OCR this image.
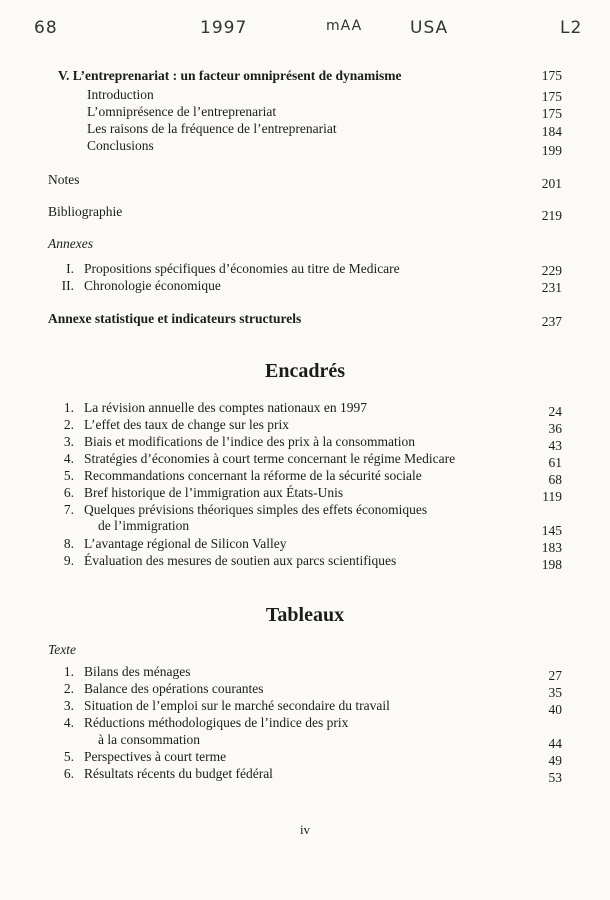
68	1997	mAA	USA	L2
V. L’entreprenariat : un facteur omniprésent de dynamisme	175
Introduction	175
L’omniprésence de l’entreprenariat	175
Les raisons de la fréquence de l’entreprenariat	184
Conclusions	199
Notes	201
Bibliographie	219
Annexes
I. Propositions spécifiques d’économies au titre de Medicare	229
II. Chronologie économique	231
Annexe statistique et indicateurs structurels	237
Encadrés
1. La révision annuelle des comptes nationaux en 1997	24
2. L’effet des taux de change sur les prix	36
3. Biais et modifications de l’indice des prix à la consommation	43
4. Stratégies d’économies à court terme concernant le régime Medicare	61
5. Recommandations concernant la réforme de la sécurité sociale	68
6. Bref historique de l’immigration aux États-Unis	119
7. Quelques prévisions théoriques simples des effets économiques
de l’immigration	145
8. L’avantage régional de Silicon Valley	183
9. Évaluation des mesures de soutien aux parcs scientifiques	198
Tableaux
Texte
1. Bilans des ménages	27
2. Balance des opérations courantes	35
3. Situation de l’emploi sur le marché secondaire du travail	40
4. Réductions méthodologiques de l’indice des prix
à la consommation	44
5. Perspectives à court terme	49
6. Résultats récents du budget fédéral	53
iv
